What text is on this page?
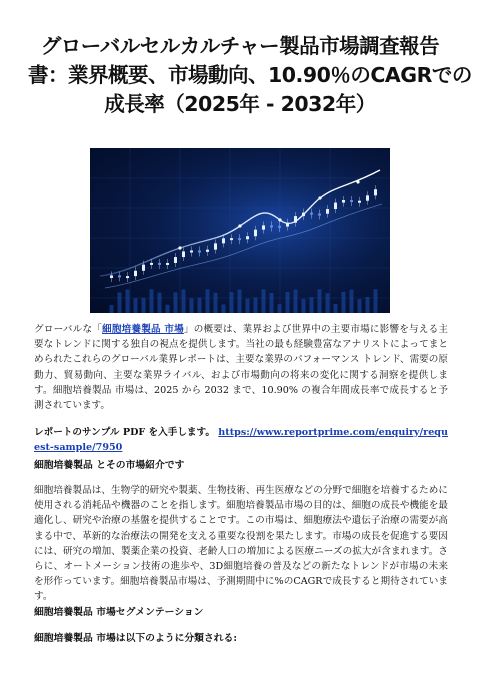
グローバルセルカルチャー製品市場調査報告
書：業界概要、市場動向、10.90％のCAGRでの
成長率（2025年 - 2032年）
グローバルな「細胞培養製品 市場」の概要は、業界および世界中の主要市場に影響を与える主要なトレンドに関する独自の視点を提供します。当社の最も経験豊富なアナリストによってまとめられたこれらのグローバル業界レポートは、主要な業界のパフォーマンス トレンド、需要の原動力、貿易動向、主要な業界ライバル、および市場動向の将来の変化に関する洞察を提供します。細胞培養製品 市場は、2025 から 2032 まで、10.90% の複合年間成長率で成長すると予測されています。
レポートのサンプル PDF を入手します。 https://www.reportprime.com/enquiry/request-sample/7950
細胞培養製品 とその市場紹介です
細胞培養製品は、生物学的研究や製薬、生物技術、再生医療などの分野で細胞を培養するために使用される消耗品や機器のことを指します。細胞培養製品市場の目的は、細胞の成長や機能を最適化し、研究や治療の基盤を提供することです。この市場は、細胞療法や遺伝子治療の需要が高まる中で、革新的な治療法の開発を支える重要な役割を果たします。市場の成長を促進する要因には、研究の増加、製薬企業の投資、老齢人口の増加による医療ニーズの拡大が含まれます。さらに、オートメーション技術の進歩や、3D細胞培養の普及などの新たなトレンドが市場の未来を形作っています。細胞培養製品市場は、予測期間中に%のCAGRで成長すると期待されています。
細胞培養製品 市場セグメンテーション
細胞培養製品 市場は以下のように分類される:
